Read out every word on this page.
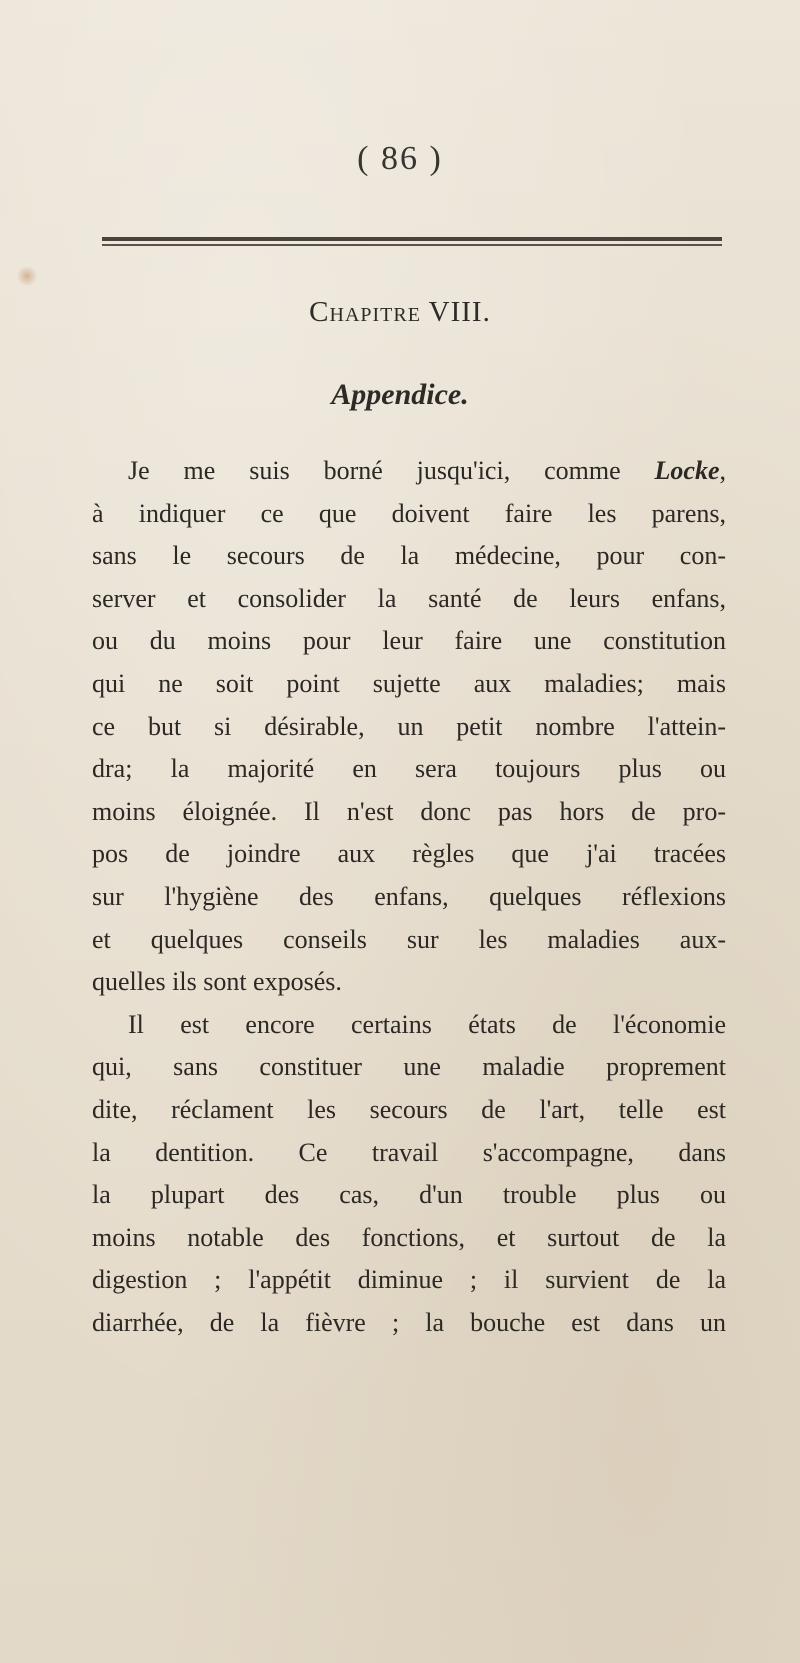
( 86 )
Chapitre VIII.
Appendice.
Je me suis borné jusqu'ici, comme Locke,
à indiquer ce que doivent faire les parens,
sans le secours de la médecine, pour con-
server et consolider la santé de leurs enfans,
ou du moins pour leur faire une constitution
qui ne soit point sujette aux maladies; mais
ce but si désirable, un petit nombre l'attein-
dra; la majorité en sera toujours plus ou
moins éloignée. Il n'est donc pas hors de pro-
pos de joindre aux règles que j'ai tracées
sur l'hygiène des enfans, quelques réflexions
et quelques conseils sur les maladies aux-
quelles ils sont exposés.
Il est encore certains états de l'économie
qui, sans constituer une maladie proprement
dite, réclament les secours de l'art, telle est
la dentition. Ce travail s'accompagne, dans
la plupart des cas, d'un trouble plus ou
moins notable des fonctions, et surtout de la
digestion ; l'appétit diminue ; il survient de la
diarrhée, de la fièvre ; la bouche est dans un
